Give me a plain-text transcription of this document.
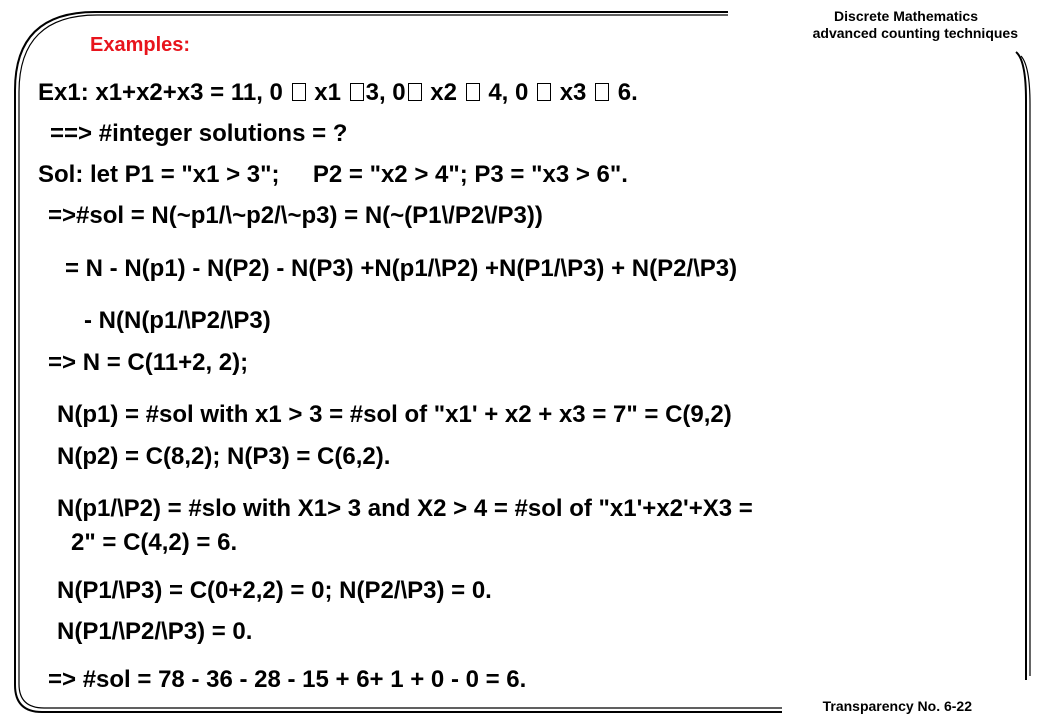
Discrete Mathematics
advanced counting techniques
Examples:
Ex1: x1+x2+x3 = 11, 0  x1 3, 0 x2  4, 0  x3  6.
==> #integer solutions = ?
Sol: let P1 = "x1 > 3";     P2 = "x2 > 4"; P3 = "x3 > 6".
=>#sol = N(~p1/\~p2/\~p3) = N(~(P1\/P2\/P3))
= N - N(p1) - N(P2) - N(P3) +N(p1/\P2) +N(P1/\P3) + N(P2/\P3)
- N(N(p1/\P2/\P3)
=> N = C(11+2, 2);
N(p1) = #sol with x1 > 3 = #sol of "x1' + x2 + x3 = 7" = C(9,2)
N(p2) = C(8,2); N(P3) = C(6,2).
N(p1/\P2) = #slo with X1> 3 and X2 > 4 = #sol of "x1'+x2'+X3 =
2" = C(4,2) = 6.
N(P1/\P3) = C(0+2,2) = 0; N(P2/\P3) = 0.
N(P1/\P2/\P3) = 0.
=> #sol = 78 - 36 - 28 - 15 + 6+ 1 + 0 - 0 = 6.
Transparency No. 6-22
